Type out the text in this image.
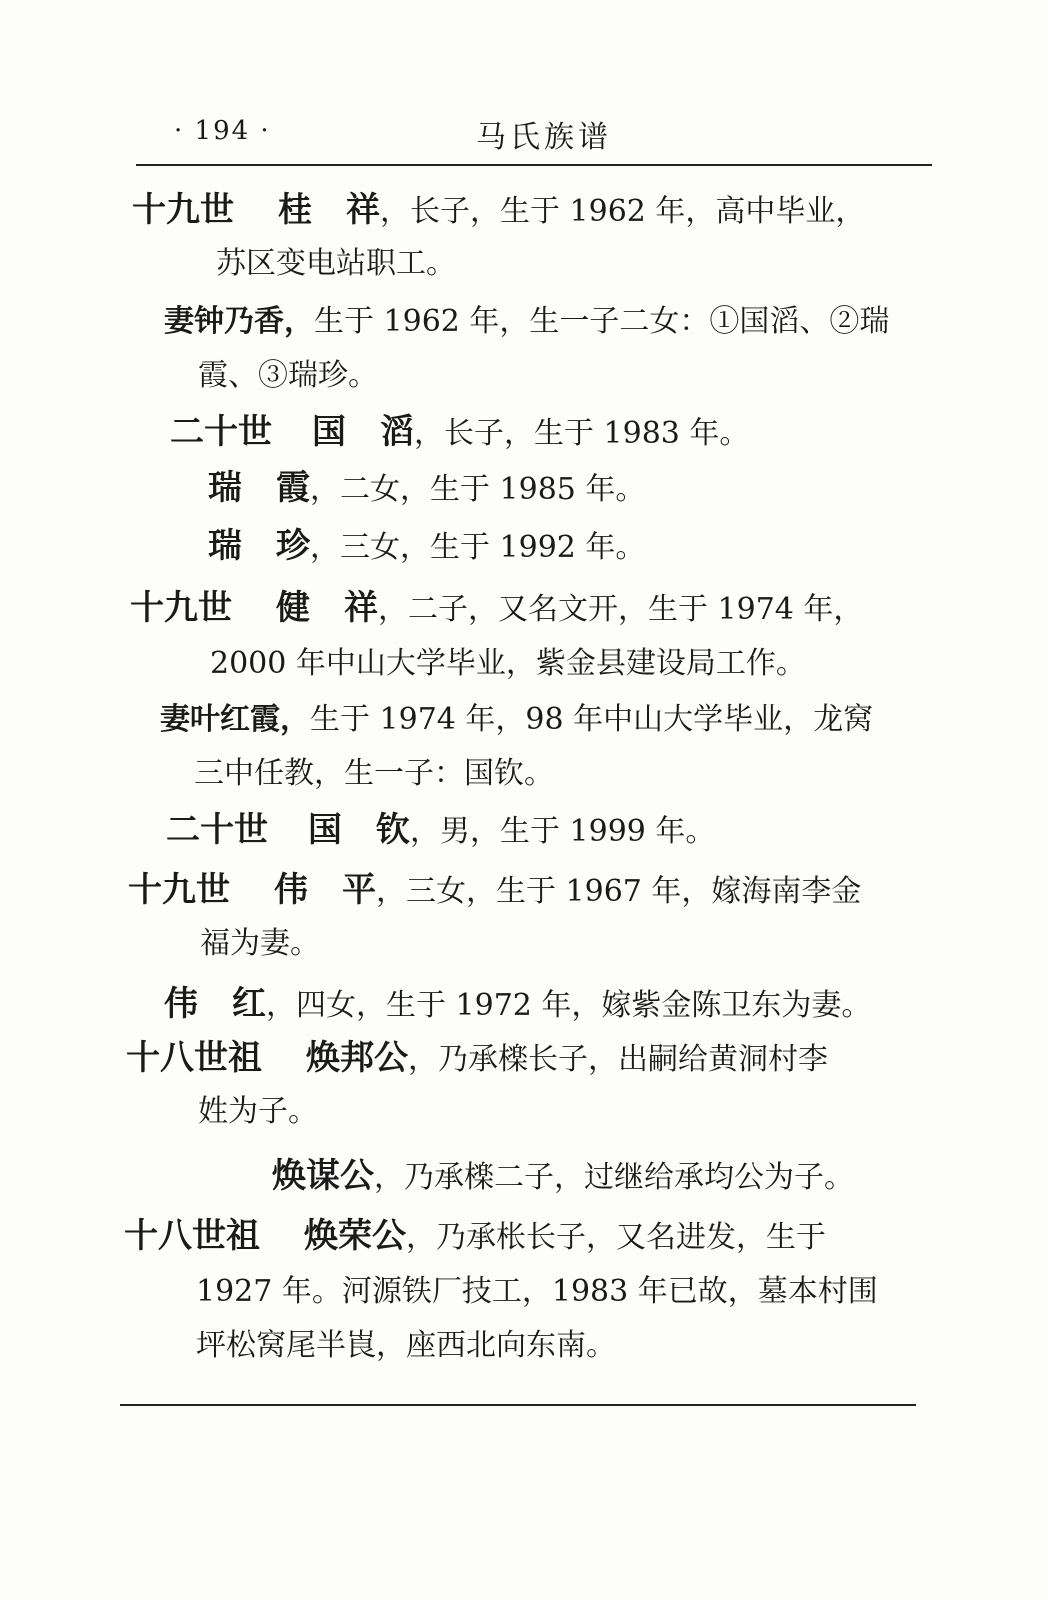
· 194 ·	马氏族谱
十九世 桂　祥，长子，生于 1962 年，高中毕业，
苏区变电站职工。
妻钟乃香，生于 1962 年，生一子二女：①国滔、②瑞
霞、③瑞珍。
二十世 国　滔，长子，生于 1983 年。
瑞　霞，二女，生于 1985 年。
瑞　珍，三女，生于 1992 年。
十九世 健　祥，二子，又名文开，生于 1974 年，
2000 年中山大学毕业，紫金县建设局工作。
妻叶红霞，生于 1974 年，98 年中山大学毕业，龙窝
三中任教，生一子：国钦。
二十世 国　钦，男，生于 1999 年。
十九世 伟　平，三女，生于 1967 年，嫁海南李金
福为妻。
伟　红，四女，生于 1972 年，嫁紫金陈卫东为妻。
十八世祖 焕邦公，乃承檪长子，出嗣给黄洞村李
姓为子。
焕谋公，乃承檪二子，过继给承均公为子。
十八世祖 焕荣公，乃承枨长子，又名进发，生于
1927 年。河源铁厂技工，1983 年已故，墓本村围
坪松窝尾半崀，座西北向东南。
